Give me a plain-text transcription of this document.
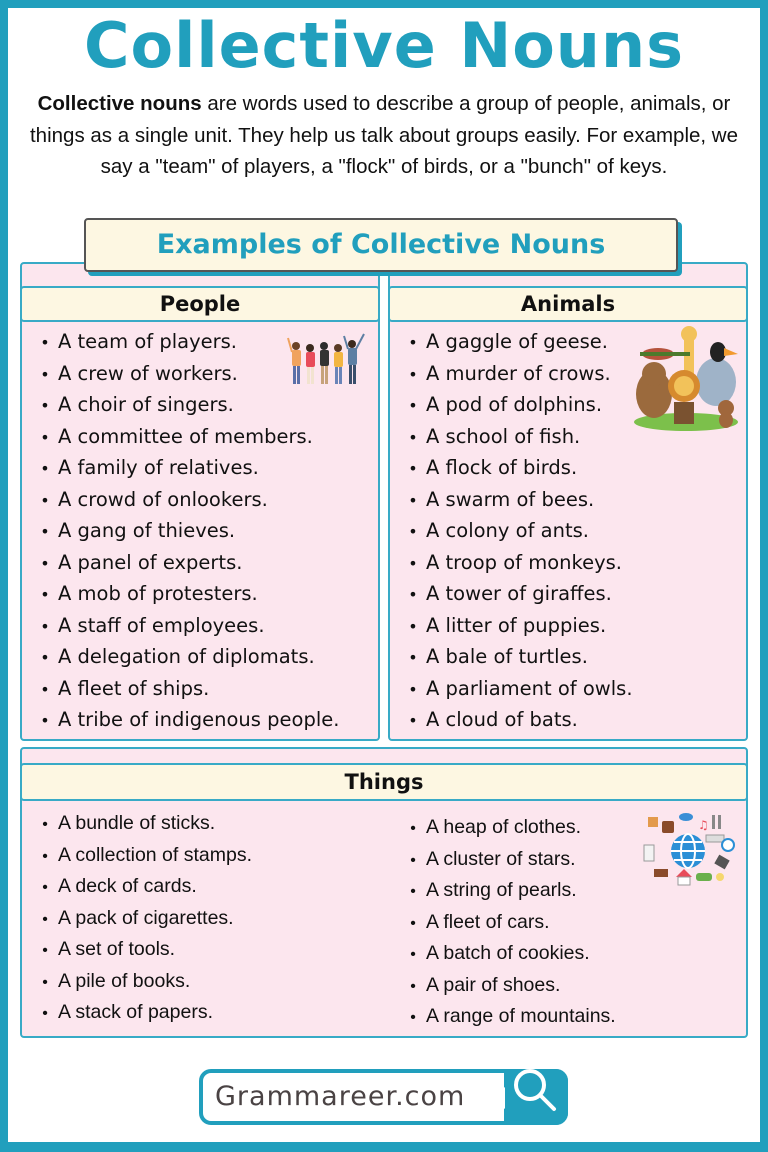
Collective Nouns

Collective nouns are words used to describe a group of people, animals, or things as a single unit. They help us talk about groups easily. For example, we say a "team" of players, a "flock" of birds, or a "bunch" of keys.

Examples of Collective Nouns
People
• A team of players.
• A crew of workers.
• A choir of singers.
• A committee of members.
• A family of relatives.
• A crowd of onlookers.
• A gang of thieves.
• A panel of experts.
• A mob of protesters.
• A staff of employees.
• A delegation of diplomats.
• A fleet of ships.
• A tribe of indigenous people.
Animals
• A gaggle of geese.
• A murder of crows.
• A pod of dolphins.
• A school of fish.
• A flock of birds.
• A swarm of bees.
• A colony of ants.
• A troop of monkeys.
• A tower of giraffes.
• A litter of puppies.
• A bale of turtles.
• A parliament of owls.
• A cloud of bats.
Things
• A bundle of sticks.
• A collection of stamps.
• A deck of cards.
• A pack of cigarettes.
• A set of tools.
• A pile of books.
• A stack of papers.
• A heap of clothes.
• A cluster of stars.
• A string of pearls.
• A fleet of cars.
• A batch of cookies.
• A pair of shoes.
• A range of mountains.
♫
Grammareer.com
